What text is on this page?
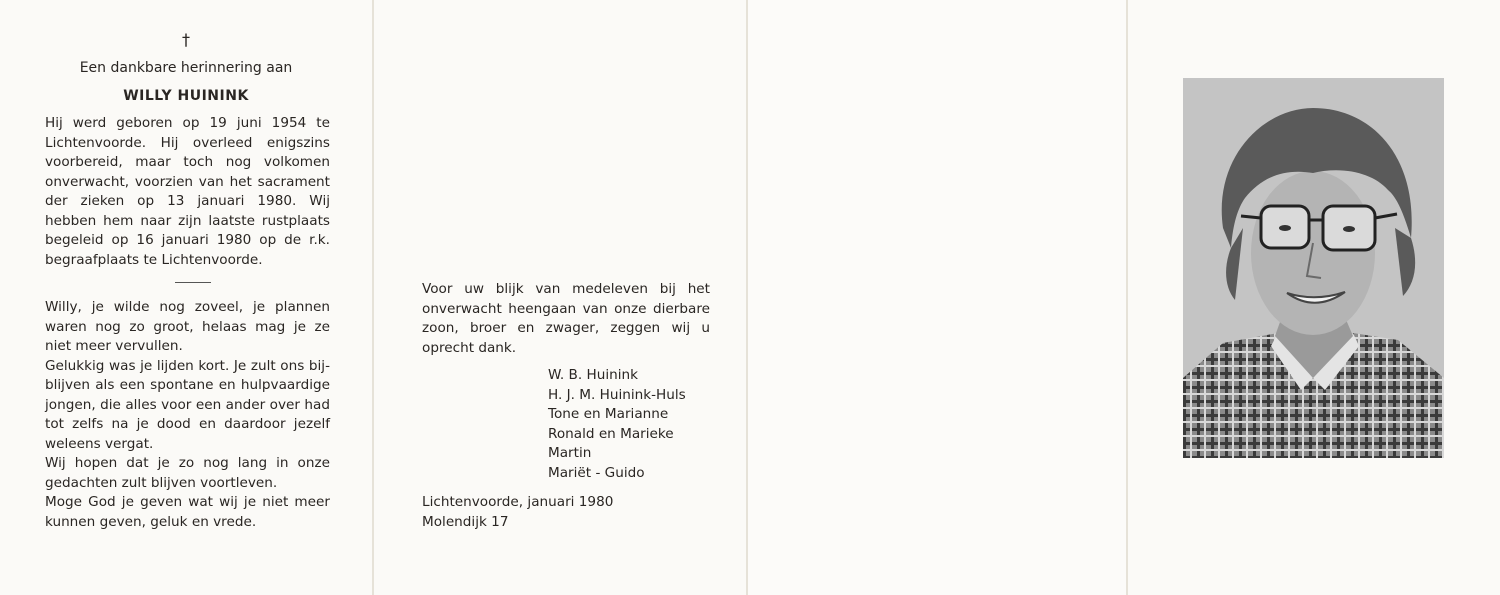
†
Een dankbare herinnering aan
WILLY HUININK
Hij werd geboren op 19 juni 1954 te Lichtenvoorde. Hij overleed enigszins voorbereid, maar toch nog volkomen onverwacht, voorzien van het sacrament der zieken op 13 januari 1980. Wij hebben hem naar zijn laatste rustplaats begeleid op 16 januari 1980 op de r.k. begraafplaats te Lichtenvoorde.

Willy, je wilde nog zoveel, je plannen waren nog zo groot, helaas mag je ze niet meer vervullen.

Gelukkig was je lijden kort. Je zult ons bij-blijven als een spontane en hulpvaardige jongen, die alles voor een ander over had tot zelfs na je dood en daardoor jezelf weleens vergat.

Wij hopen dat je zo nog lang in onze gedachten zult blijven voortleven.

Moge God je geven wat wij je niet meer kunnen geven, geluk en vrede.

Voor uw blijk van medeleven bij het onverwacht heengaan van onze dierbare zoon, broer en zwager, zeggen wij u oprecht dank.
W. B. Huinink
H. J. M. Huinink-Huls
Tone en Marianne
Ronald en Marieke
Martin
Mariët - Guido
Lichtenvoorde, januari 1980
Molendijk 17
